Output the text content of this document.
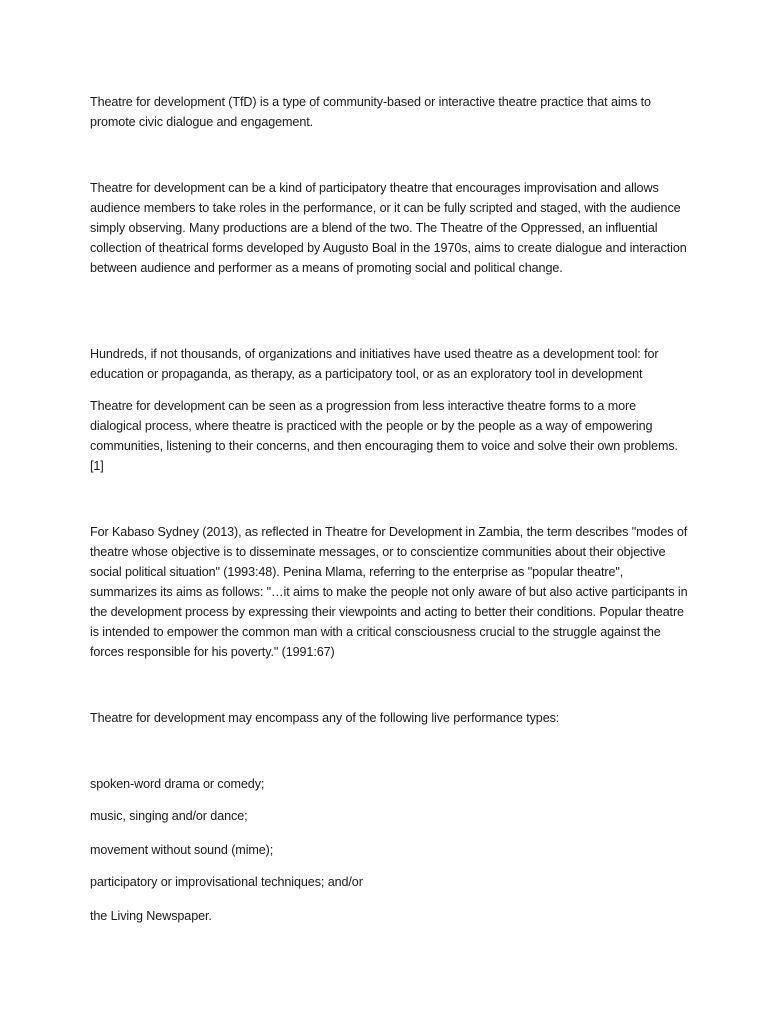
Theatre for development (TfD) is a type of community-based or interactive theatre practice that aims to promote civic dialogue and engagement.

Theatre for development can be a kind of participatory theatre that encourages improvisation and allows audience members to take roles in the performance, or it can be fully scripted and staged, with the audience simply observing. Many productions are a blend of the two. The Theatre of the Oppressed, an influential collection of theatrical forms developed by Augusto Boal in the 1970s, aims to create dialogue and interaction between audience and performer as a means of promoting social and political change.

Hundreds, if not thousands, of organizations and initiatives have used theatre as a development tool: for education or propaganda, as therapy, as a participatory tool, or as an exploratory tool in development

Theatre for development can be seen as a progression from less interactive theatre forms to a more dialogical process, where theatre is practiced with the people or by the people as a way of empowering communities, listening to their concerns, and then encouraging them to voice and solve their own problems.[1]

For Kabaso Sydney (2013), as reflected in Theatre for Development in Zambia, the term describes "modes of theatre whose objective is to disseminate messages, or to conscientize communities about their objective social political situation" (1993:48). Penina Mlama, referring to the enterprise as "popular theatre", summarizes its aims as follows: "…it aims to make the people not only aware of but also active participants in the development process by expressing their viewpoints and acting to better their conditions. Popular theatre is intended to empower the common man with a critical consciousness crucial to the struggle against the forces responsible for his poverty." (1991:67)

Theatre for development may encompass any of the following live performance types:

spoken-word drama or comedy;

music, singing and/or dance;

movement without sound (mime);

participatory or improvisational techniques; and/or

the Living Newspaper.
